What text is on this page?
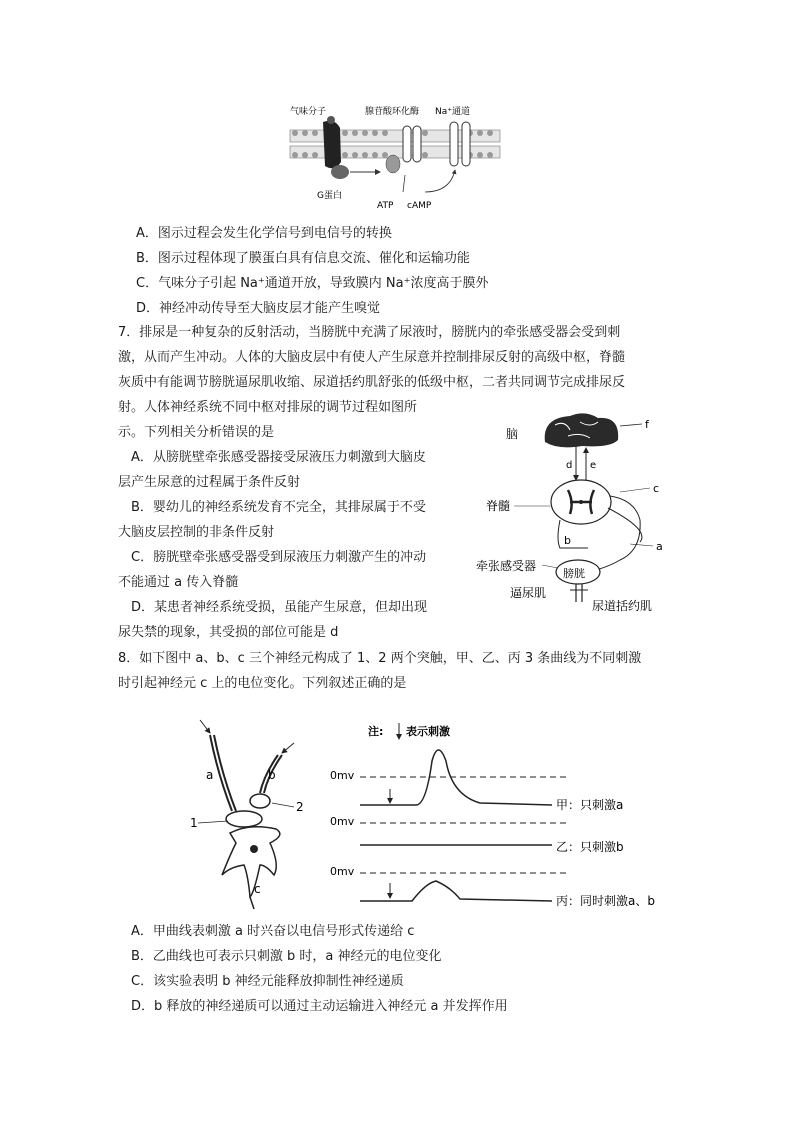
气味分子	腺苷酸环化酶 Na⁺通道
G蛋白
ATP cAMP
A．图示过程会发生化学信号到电信号的转换
B．图示过程体现了膜蛋白具有信息交流、催化和运输功能
C．气味分子引起 Na⁺通道开放，导致膜内 Na⁺浓度高于膜外
D．神经冲动传导至大脑皮层才能产生嗅觉
7．排尿是一种复杂的反射活动，当膀胱中充满了尿液时，膀胱内的牵张感受器会受到刺
激，从而产生冲动。人体的大脑皮层中有使人产生尿意并控制排尿反射的高级中枢，脊髓
灰质中有能调节膀胱逼尿肌收缩、尿道括约肌舒张的低级中枢，二者共同调节完成排尿反
射。人体神经系统不同中枢对排尿的调节过程如图所
示。下列相关分析错误的是
A．从膀胱壁牵张感受器接受尿液压力刺激到大脑皮
层产生尿意的过程属于条件反射
B．婴幼儿的神经系统发育不完全，其排尿属于不受
大脑皮层控制的非条件反射
C．膀胱壁牵张感受器受到尿液压力刺激产生的冲动
不能通过 a 传入脊髓
D．某患者神经系统受损，虽能产生尿意，但却出现
尿失禁的现象，其受损的部位可能是 d
脑
f
d e
脊髓
c
b	a
牵张感受器
膀胱
逼尿肌
尿道括约肌
8．如下图中 a、b、c 三个神经元构成了 1、2 两个突触，甲、乙、丙 3 条曲线为不同刺激
时引起神经元 c 上的电位变化。下列叙述正确的是
a	b
1
2
c
注: 表示刺激
0mv
甲：只刺激a
0mv
乙：只刺激b
0mv
丙：同时刺激a、b
A．甲曲线表刺激 a 时兴奋以电信号形式传递给 c
B．乙曲线也可表示只刺激 b 时，a 神经元的电位变化
C．该实验表明 b 神经元能释放抑制性神经递质
D．b 释放的神经递质可以通过主动运输进入神经元 a 并发挥作用
